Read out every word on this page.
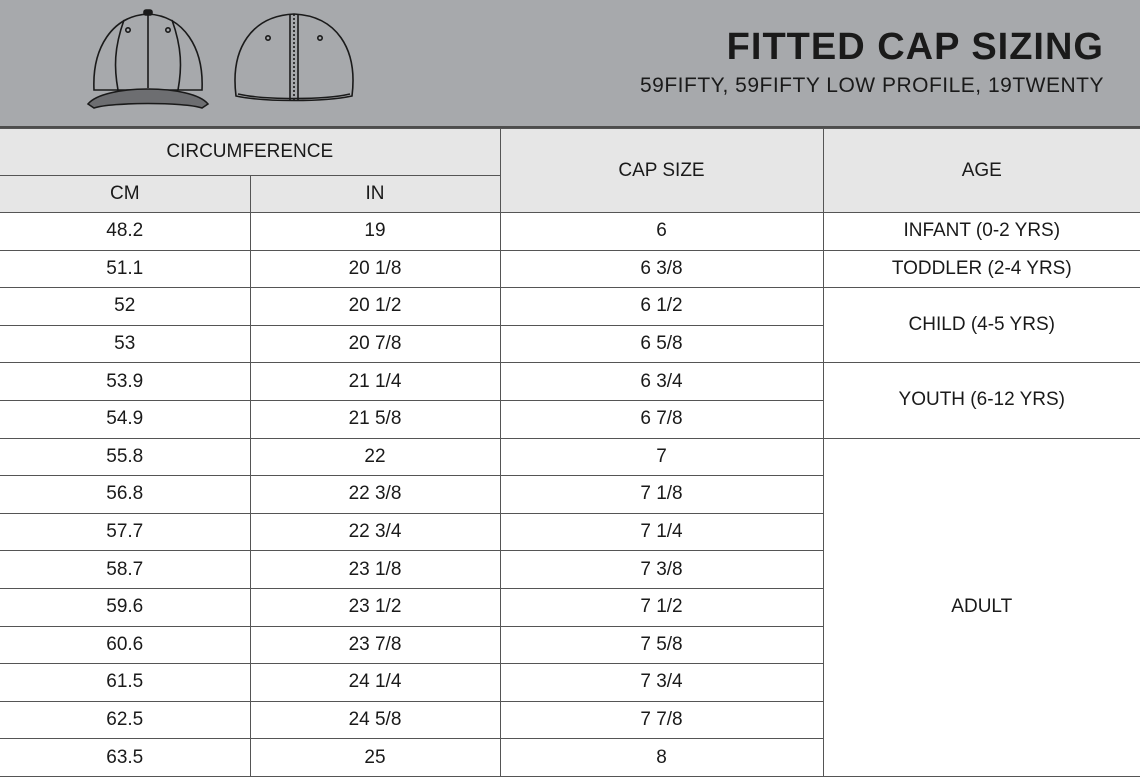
FITTED CAP SIZING
59FIFTY, 59FIFTY LOW PROFILE, 19TWENTY
CIRCUMFERENCE		CAP SIZE	AGE
CM	IN		
48.2	19	6	INFANT (0-2 YRS)
51.1	20 1/8	6 3/8	TODDLER (2-4 YRS)
52	20 1/2	6 1/2	CHILD (4-5 YRS)
53	20 7/8	6 5/8	
53.9	21 1/4	6 3/4	YOUTH (6-12 YRS)
54.9	21 5/8	6 7/8	
55.8	22	7	ADULT
56.8	22 3/8	7 1/8	
57.7	22 3/4	7 1/4	
58.7	23 1/8	7 3/8	
59.6	23 1/2	7 1/2	
60.6	23 7/8	7 5/8	
61.5	24 1/4	7 3/4	
62.5	24 5/8	7 7/8	
63.5	25	8	
